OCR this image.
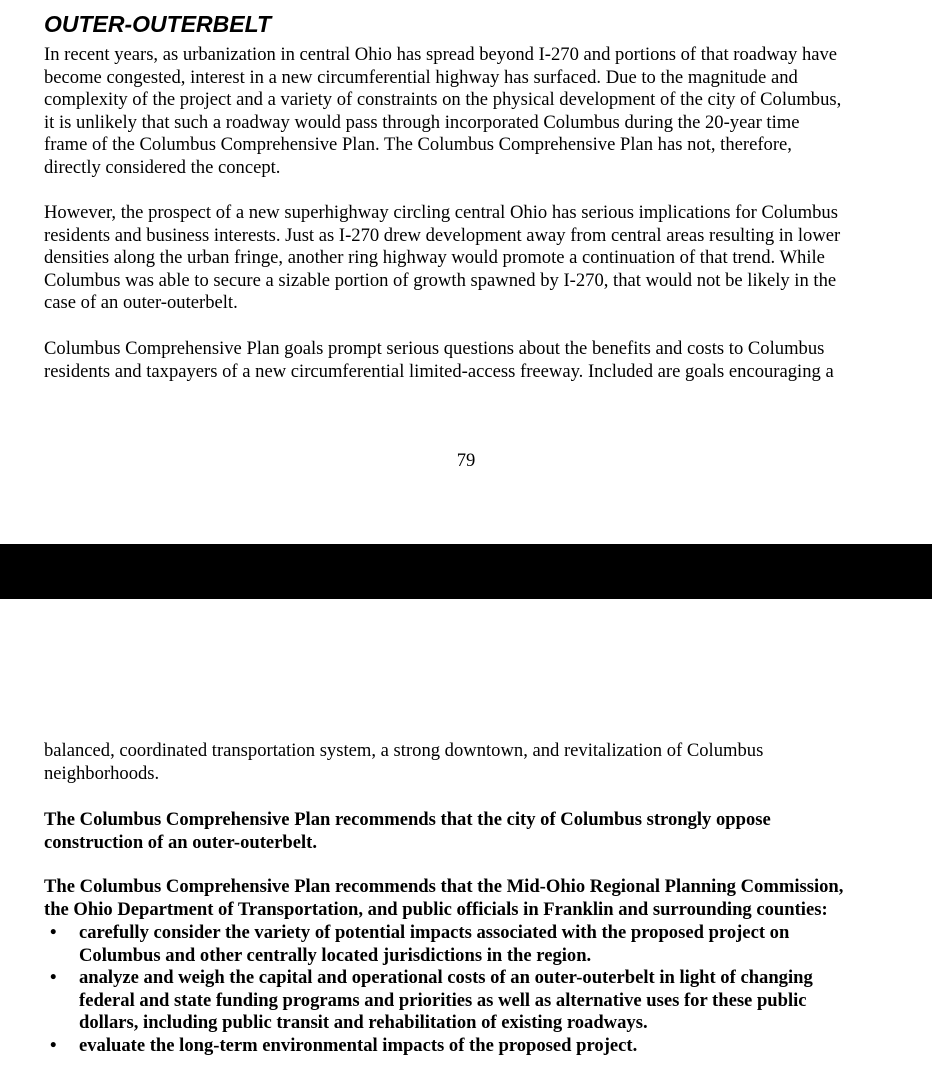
OUTER-OUTERBELT

In recent years, as urbanization in central Ohio has spread beyond I-270 and portions of that roadway have
become congested, interest in a new circumferential highway has surfaced. Due to the magnitude and
complexity of the project and a variety of constraints on the physical development of the city of Columbus,
it is unlikely that such a roadway would pass through incorporated Columbus during the 20-year time
frame of the Columbus Comprehensive Plan. The Columbus Comprehensive Plan has not, therefore,
directly considered the concept.

However, the prospect of a new superhighway circling central Ohio has serious implications for Columbus
residents and business interests. Just as I-270 drew development away from central areas resulting in lower
densities along the urban fringe, another ring highway would promote a continuation of that trend. While
Columbus was able to secure a sizable portion of growth spawned by I-270, that would not be likely in the
case of an outer-outerbelt.

Columbus Comprehensive Plan goals prompt serious questions about the benefits and costs to Columbus
residents and taxpayers of a new circumferential limited-access freeway. Included are goals encouraging a

79

balanced, coordinated transportation system, a strong downtown, and revitalization of Columbus
neighborhoods.

The Columbus Comprehensive Plan recommends that the city of Columbus strongly oppose
construction of an outer-outerbelt.

The Columbus Comprehensive Plan recommends that the Mid-Ohio Regional Planning Commission,
the Ohio Department of Transportation, and public officials in Franklin and surrounding counties:

• carefully consider the variety of potential impacts associated with the proposed project on
Columbus and other centrally located jurisdictions in the region.
• analyze and weigh the capital and operational costs of an outer-outerbelt in light of changing
federal and state funding programs and priorities as well as alternative uses for these public
dollars, including public transit and rehabilitation of existing roadways.
• evaluate the long-term environmental impacts of the proposed project.
